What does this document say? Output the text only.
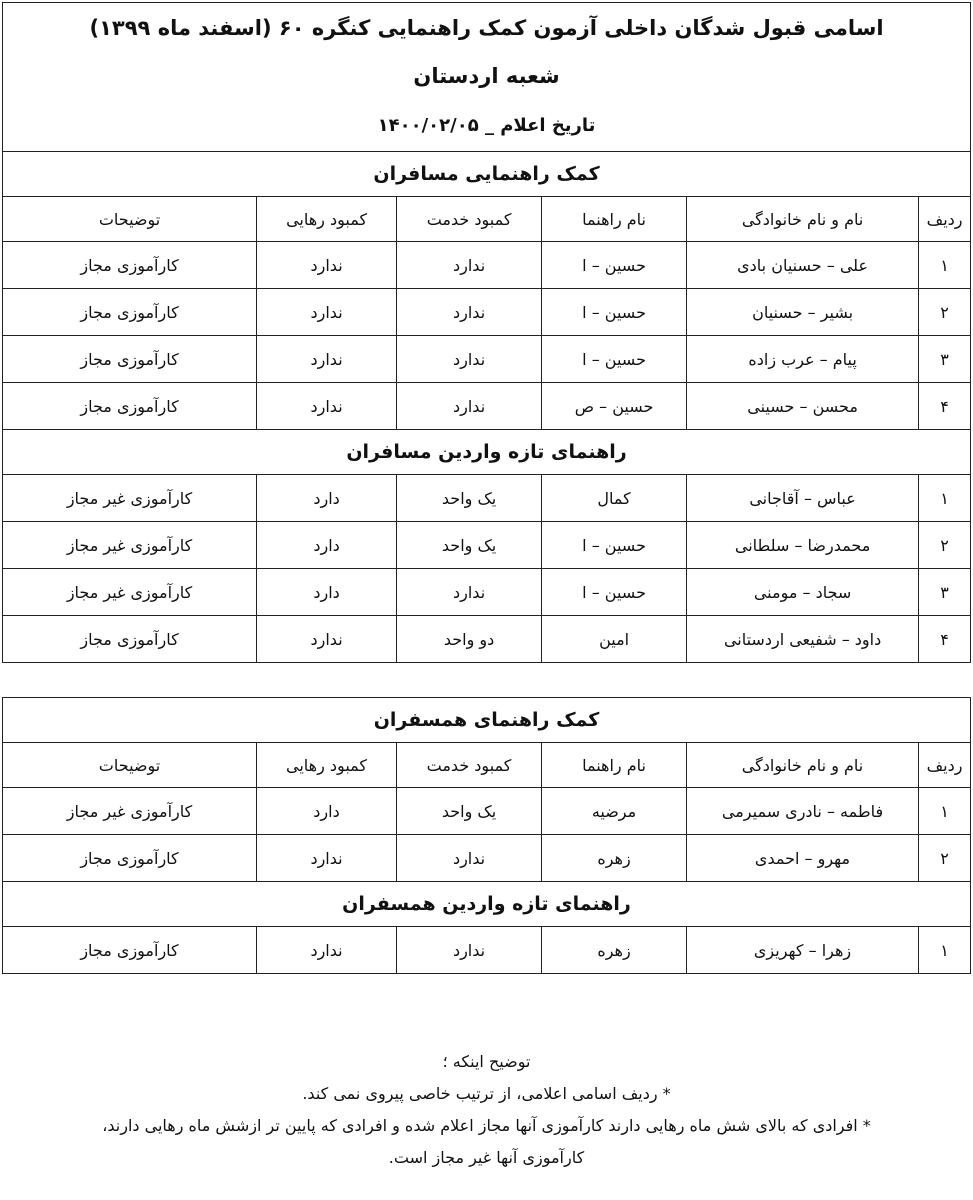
اسامی قبول شدگان داخلی آزمون کمک راهنمایی کنگره ۶۰ (اسفند ماه ۱۳۹۹)					
شعبه اردستان					
تاریخ اعلام _ ۱۴۰۰/۰۲/۰۵					
کمک راهنمایی مسافران					
ردیف	نام و نام خانوادگی	نام راهنما	کمبود خدمت	کمبود رهایی	توضیحات
۱	علی – حسنیان بادی	حسین – ا	ندارد	ندارد	کارآموزی مجاز
۲	بشیر – حسنیان	حسین – ا	ندارد	ندارد	کارآموزی مجاز
۳	پیام – عرب زاده	حسین – ا	ندارد	ندارد	کارآموزی مجاز
۴	محسن – حسینی	حسین – ص	ندارد	ندارد	کارآموزی مجاز
راهنمای تازه واردین مسافران					
۱	عباس – آقاجانی	کمال	یک واحد	دارد	کارآموزی غیر مجاز
۲	محمدرضا – سلطانی	حسین – ا	یک واحد	دارد	کارآموزی غیر مجاز
۳	سجاد – مومنی	حسین – ا	ندارد	دارد	کارآموزی غیر مجاز
۴	داود – شفیعی اردستانی	امین	دو واحد	ندارد	کارآموزی مجاز
کمک راهنمای همسفران					
ردیف	نام و نام خانوادگی	نام راهنما	کمبود خدمت	کمبود رهایی	توضیحات
۱	فاطمه – نادری سمیرمی	مرضیه	یک واحد	دارد	کارآموزی غیر مجاز
۲	مهرو – احمدی	زهره	ندارد	ندارد	کارآموزی مجاز
راهنمای تازه واردین همسفران					
۱	زهرا – کهریزی	زهره	ندارد	ندارد	کارآموزی مجاز
توضیح اینکه ؛
* ردیف اسامی اعلامی، از ترتیب خاصی پیروی نمی کند.
* افرادی که بالای شش ماه رهایی دارند کارآموزی آنها مجاز اعلام شده و افرادی که پایین تر ازشش ماه رهایی دارند،
کارآموزی آنها غیر مجاز است.
